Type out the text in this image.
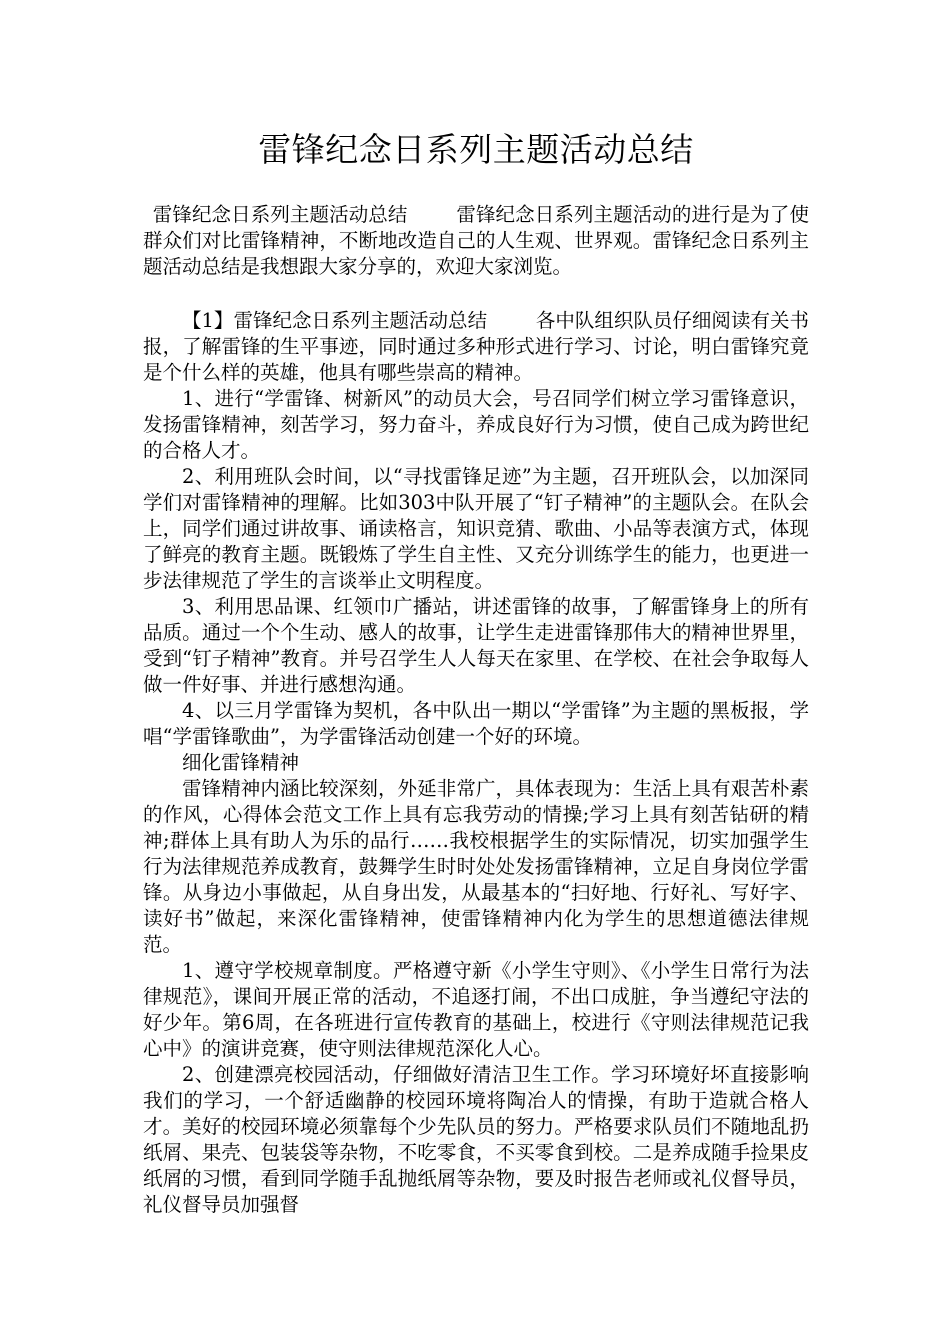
雷锋纪念日系列主题活动总结

雷锋纪念日系列主题活动总结	雷锋纪念日系列主题活动的进行是为了使群众们对比雷锋精神，不断地改造自己的人生观、世界观。雷锋纪念日系列主题活动总结是我想跟大家分享的，欢迎大家浏览。

【1】雷锋纪念日系列主题活动总结	各中队组织队员仔细阅读有关书报，了解雷锋的生平事迹，同时通过多种形式进行学习、讨论，明白雷锋究竟是个什么样的英雄，他具有哪些崇高的精神。

1、进行“学雷锋、树新风”的动员大会，号召同学们树立学习雷锋意识，发扬雷锋精神，刻苦学习，努力奋斗，养成良好行为习惯，使自己成为跨世纪的合格人才。

2、利用班队会时间，以“寻找雷锋足迹”为主题，召开班队会，以加深同学们对雷锋精神的理解。比如303中队开展了“钉子精神”的主题队会。在队会上，同学们通过讲故事、诵读格言，知识竞猜、歌曲、小品等表演方式，体现了鲜亮的教育主题。既锻炼了学生自主性、又充分训练学生的能力，也更进一步法律规范了学生的言谈举止文明程度。

3、利用思品课、红领巾广播站，讲述雷锋的故事，了解雷锋身上的所有品质。通过一个个生动、感人的故事，让学生走进雷锋那伟大的精神世界里，受到“钉子精神”教育。并号召学生人人每天在家里、在学校、在社会争取每人做一件好事、并进行感想沟通。

4、以三月学雷锋为契机，各中队出一期以“学雷锋”为主题的黑板报，学唱“学雷锋歌曲”，为学雷锋活动创建一个好的环境。

细化雷锋精神

雷锋精神内涵比较深刻，外延非常广，具体表现为：生活上具有艰苦朴素的作风，心得体会范文工作上具有忘我劳动的情操;学习上具有刻苦钻研的精神;群体上具有助人为乐的品行……我校根据学生的实际情况，切实加强学生行为法律规范养成教育，鼓舞学生时时处处发扬雷锋精神，立足自身岗位学雷锋。从身边小事做起，从自身出发，从最基本的“扫好地、行好礼、写好字、读好书”做起，来深化雷锋精神，使雷锋精神内化为学生的思想道德法律规范。

1、遵守学校规章制度。严格遵守新《小学生守则》、《小学生日常行为法律规范》，课间开展正常的活动，不追逐打闹，不出口成脏，争当遵纪守法的好少年。第6周，在各班进行宣传教育的基础上，校进行《守则法律规范记我心中》的演讲竞赛，使守则法律规范深化人心。

2、创建漂亮校园活动，仔细做好清洁卫生工作。学习环境好坏直接影响我们的学习，一个舒适幽静的校园环境将陶冶人的情操，有助于造就合格人才。美好的校园环境必须靠每个少先队员的努力。严格要求队员们不随地乱扔纸屑、果壳、包装袋等杂物，不吃零食，不买零食到校。二是养成随手捡果皮纸屑的习惯，看到同学随手乱抛纸屑等杂物，要及时报告老师或礼仪督导员，礼仪督导员加强督
